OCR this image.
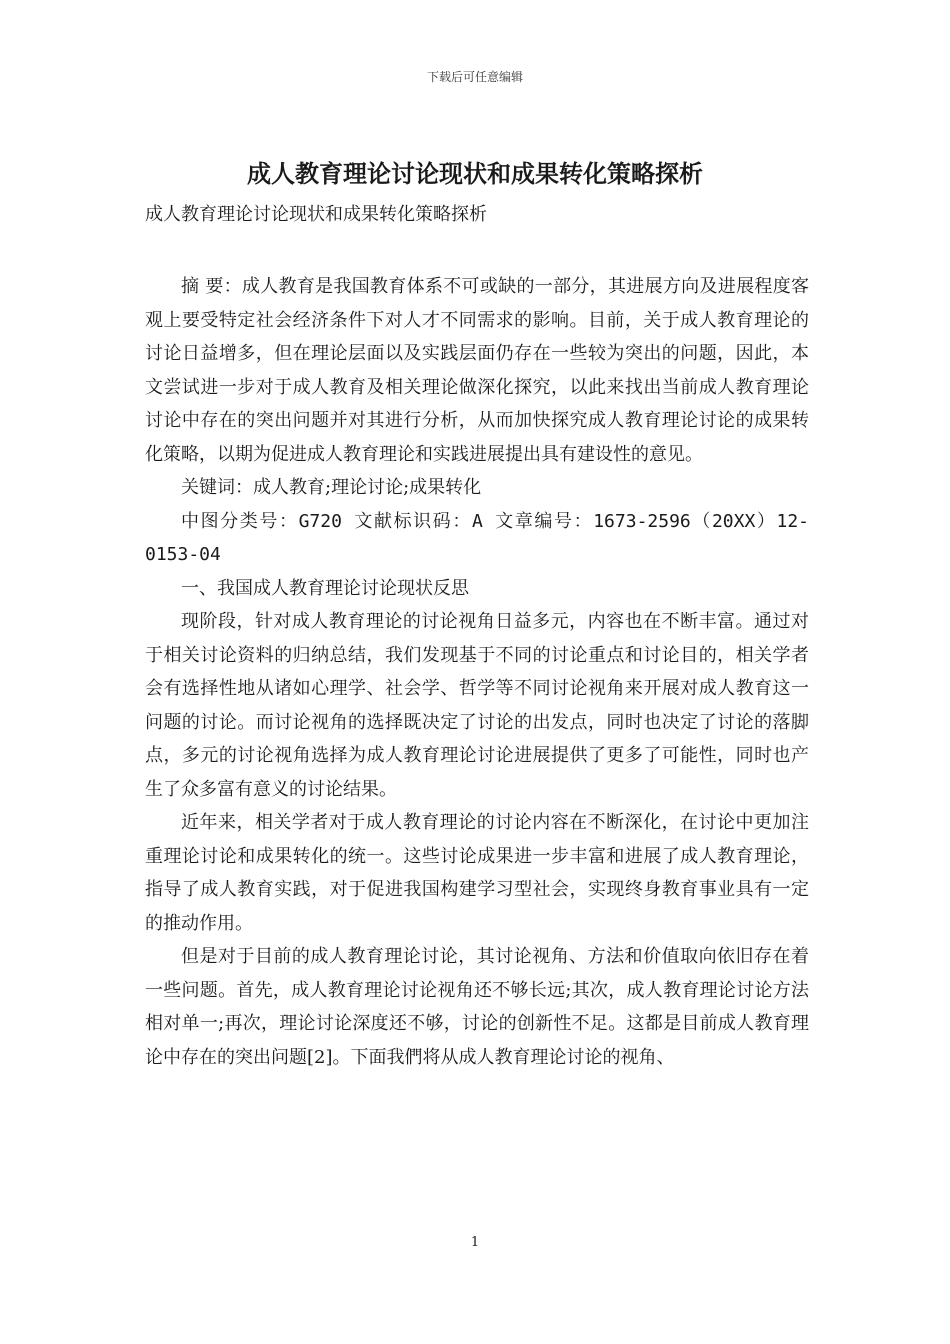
下载后可任意编辑
成人教育理论讨论现状和成果转化策略探析
成人教育理论讨论现状和成果转化策略探析

摘 要：成人教育是我国教育体系不可或缺的一部分，其进展方向及进展程度客观上要受特定社会经济条件下对人才不同需求的影响。目前，关于成人教育理论的讨论日益增多，但在理论层面以及实践层面仍存在一些较为突出的问题，因此，本文尝试进一步对于成人教育及相关理论做深化探究，以此来找出当前成人教育理论讨论中存在的突出问题并对其进行分析，从而加快探究成人教育理论讨论的成果转化策略，以期为促进成人教育理论和实践进展提出具有建设性的意见。

关键词：成人教育;理论讨论;成果转化

中图分类号：G720 文献标识码：A 文章编号：1673-2596（20XX）12-0153-04

一、我国成人教育理论讨论现状反思

现阶段，针对成人教育理论的讨论视角日益多元，内容也在不断丰富。通过对于相关讨论资料的归纳总结，我们发现基于不同的讨论重点和讨论目的，相关学者会有选择性地从诸如心理学、社会学、哲学等不同讨论视角来开展对成人教育这一问题的讨论。而讨论视角的选择既决定了讨论的出发点，同时也决定了讨论的落脚点，多元的讨论视角选择为成人教育理论讨论进展提供了更多了可能性，同时也产生了众多富有意义的讨论结果。

近年来，相关学者对于成人教育理论的讨论内容在不断深化，在讨论中更加注重理论讨论和成果转化的统一。这些讨论成果进一步丰富和进展了成人教育理论，指导了成人教育实践，对于促进我国构建学习型社会，实现终身教育事业具有一定的推动作用。

但是对于目前的成人教育理论讨论，其讨论视角、方法和价值取向依旧存在着一些问题。首先，成人教育理论讨论视角还不够长远;其次，成人教育理论讨论方法相对单一;再次，理论讨论深度还不够，讨论的创新性不足。这都是目前成人教育理论中存在的突出问题[2]。下面我們将从成人教育理论讨论的视角、

1
